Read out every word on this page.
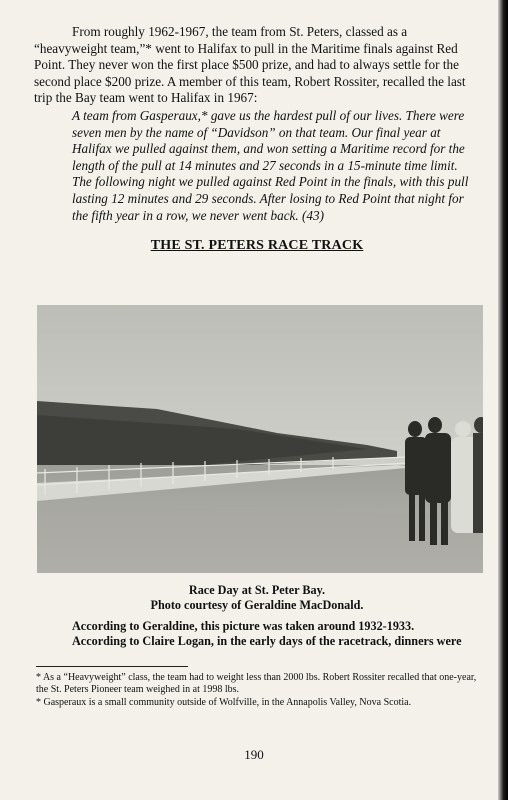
From roughly 1962-1967, the team from St. Peters, classed as a “heavyweight team,”* went to Halifax to pull in the Maritime finals against Red Point. They never won the first place $500 prize, and had to always settle for the second place $200 prize. A member of this team, Robert Rossiter, recalled the last trip the Bay team went to Halifax in 1967:

A team from Gasperaux,* gave us the hardest pull of our lives. There were seven men by the name of “Davidson” on that team. Our final year at Halifax we pulled against them, and won setting a Maritime record for the length of the pull at 14 minutes and 27 seconds in a 15-minute time limit. The following night we pulled against Red Point in the finals, with this pull lasting 12 minutes and 29 seconds. After losing to Red Point that night for the fifth year in a row, we never went back. (43)

THE ST. PETERS RACE TRACK
Race Day at St. Peter Bay.
Photo courtesy of Geraldine MacDonald.

According to Geraldine, this picture was taken around 1932-1933.

According to Claire Logan, in the early days of the racetrack, dinners were

* As a “Heavyweight” class, the team had to weight less than 2000 lbs. Robert Rossiter recalled that one-year, the St. Peters Pioneer team weighed in at 1998 lbs.

* Gasperaux is a small community outside of Wolfville, in the Annapolis Valley, Nova Scotia.

190
